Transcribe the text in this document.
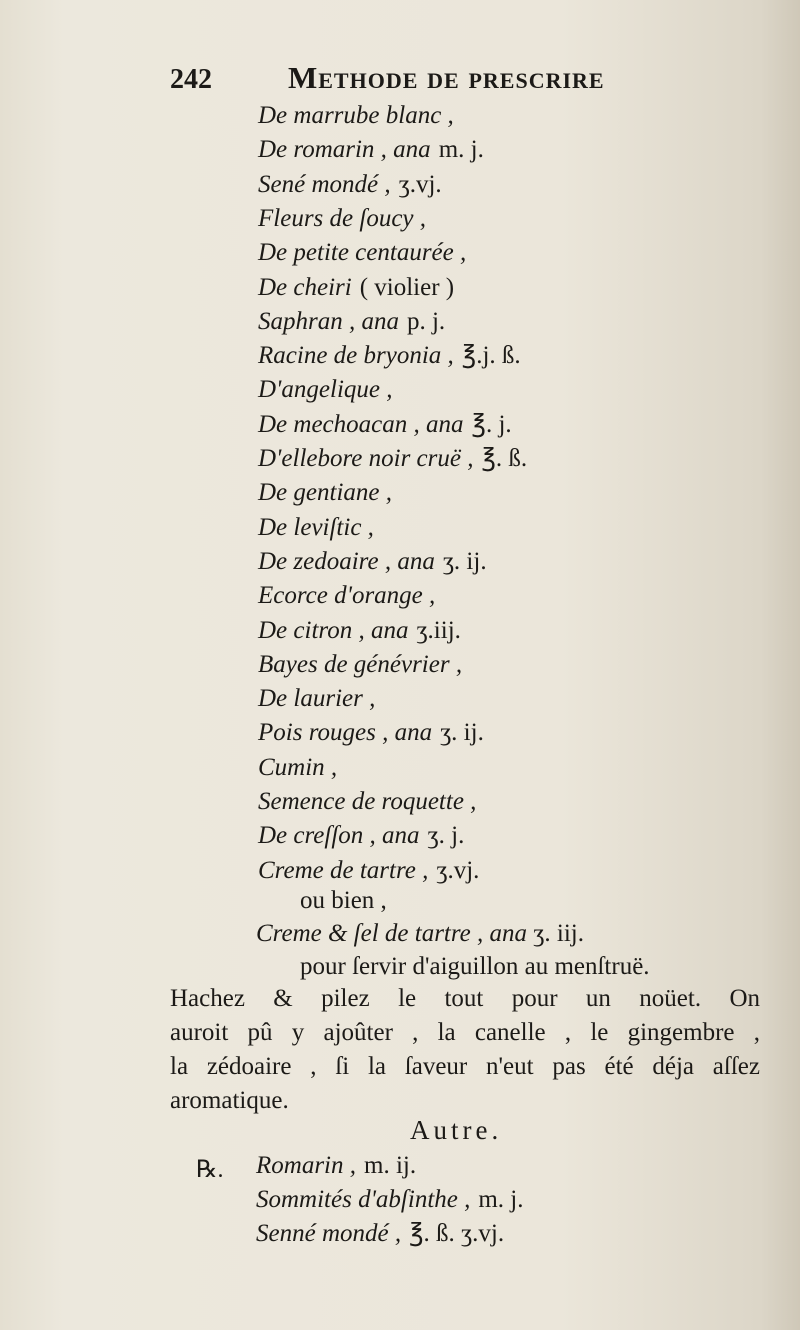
242 Methode de prescrire
De marrube blanc ,
De romarin , ana m. j.
Sené mondé , ʒ.vj.
Fleurs de ſoucy ,
De petite centaurée ,
De cheiri ( violier )
Saphran , ana p. j.
Racine de bryonia , ℥.j. ß.
D'angelique ,
De mechoacan , ana ℥. j.
D'ellebore noir cruë , ℥. ß.
De gentiane ,
De leviſtic ,
De zedoaire , ana ʒ. ij.
Ecorce d'orange ,
De citron , ana ʒ.iij.
Bayes de génévrier ,
De laurier ,
Pois rouges , ana ʒ. ij.
Cumin ,
Semence de roquette ,
De creſſon , ana ʒ. j.
Creme de tartre , ʒ.vj.
ou bien ,
Creme & ſel de tartre , ana ʒ. iij.
pour ſervir d'aiguillon au menſtruë.
Hachez & pilez le tout pour un noüet. On
auroit pû y ajoûter , la canelle , le gingembre ,
la zédoaire , ſi la ſaveur n'eut pas été déja aſſez
aromatique.
Autre.
℞. Romarin , m. ij.
Sommités d'abſinthe , m. j.
Senné mondé , ℥. ß. ʒ.vj.
